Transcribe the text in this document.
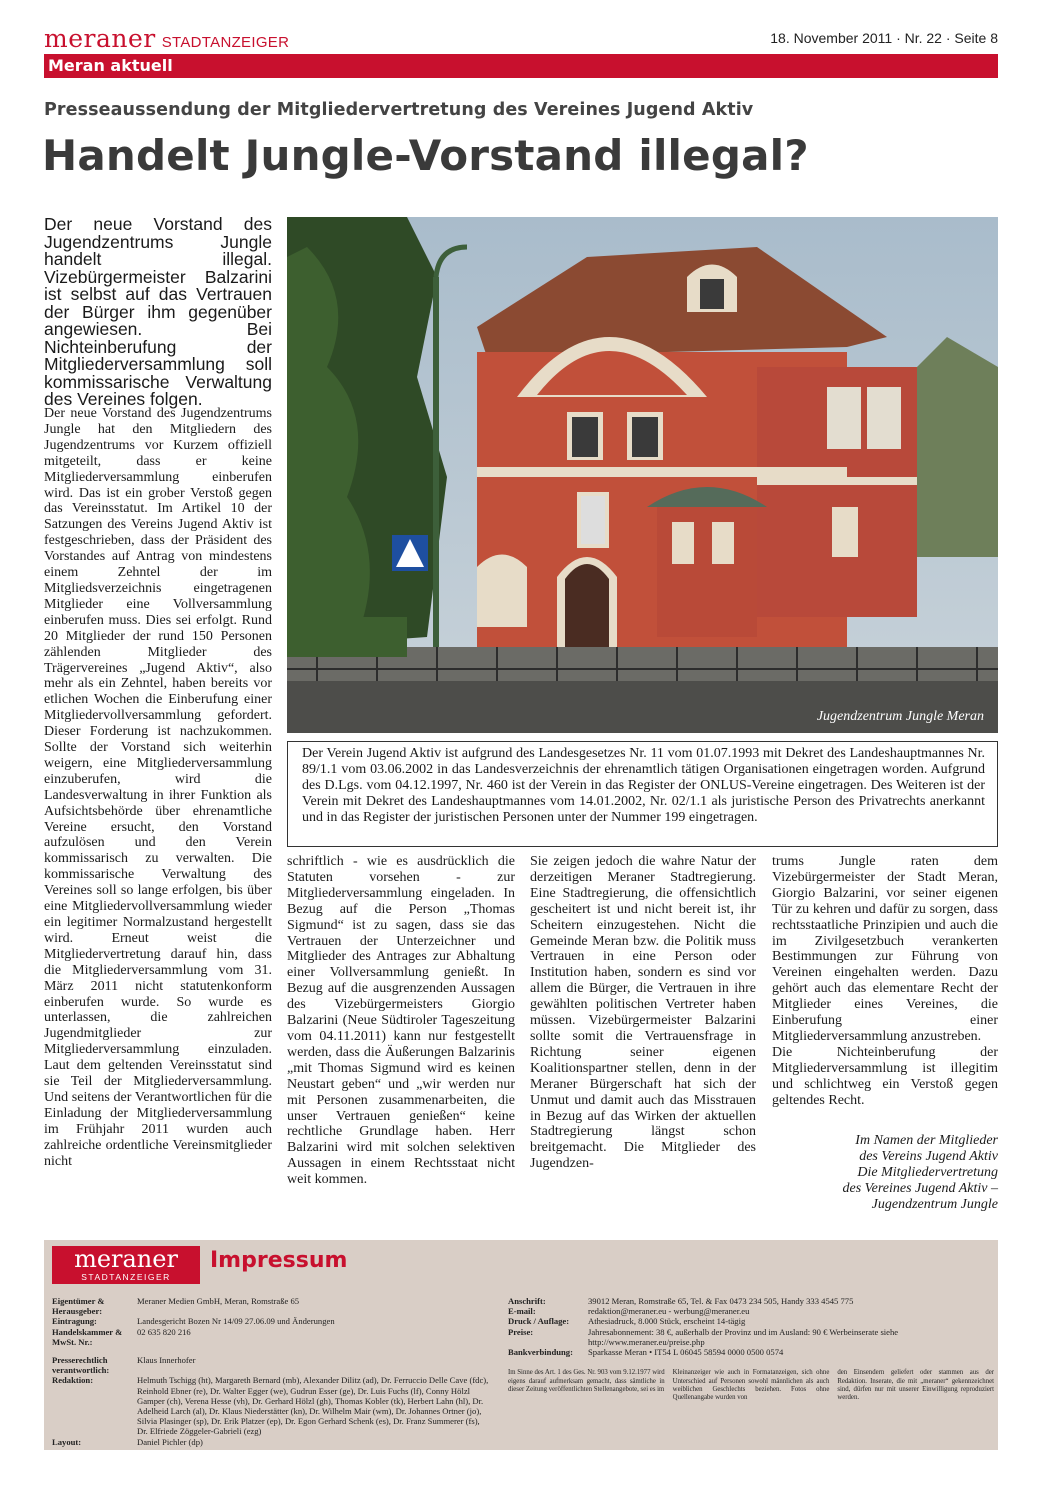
meraner STADTANZEIGER	18. November 2011 · Nr. 22 · Seite 8
Meran aktuell
Presseaussendung der Mitgliedervertretung des Vereines Jugend Aktiv
Handelt Jungle-Vorstand illegal?

Der neue Vorstand des Jugendzentrums Jungle handelt illegal. Vizebürgermeister Balzarini ist selbst auf das Vertrauen der Bürger ihm gegenüber angewiesen. Bei Nichteinberufung der Mitgliederversammlung soll kommissarische Verwaltung des Vereines folgen.

Der neue Vorstand des Jugendzentrums Jungle hat den Mitgliedern des Jugendzentrums vor Kurzem offiziell mitgeteilt, dass er keine Mitgliederversammlung einberufen wird. Das ist ein grober Verstoß gegen das Vereinsstatut. Im Artikel 10 der Satzungen des Vereins Jugend Aktiv ist festgeschrieben, dass der Präsident des Vorstandes auf Antrag von mindestens einem Zehntel der im Mitgliedsverzeichnis eingetragenen Mitglieder eine Vollversammlung einberufen muss. Dies sei erfolgt. Rund 20 Mitglieder der rund 150 Personen zählenden Mitglieder des Trägervereines „Jugend Aktiv“, also mehr als ein Zehntel, haben bereits vor etlichen Wochen die Einberufung einer Mitgliedervollversammlung gefordert. Dieser Forderung ist nachzukommen. Sollte der Vorstand sich weiterhin weigern, eine Mitgliederversammlung einzuberufen, wird die Landesverwaltung in ihrer Funktion als Aufsichtsbehörde über ehrenamtliche Vereine ersucht, den Vorstand aufzulösen und den Verein kommissarisch zu verwalten. Die kommissarische Verwaltung des Vereines soll so lange erfolgen, bis über eine Mitgliedervollversammlung wieder ein legitimer Normalzustand hergestellt wird. Erneut weist die Mitgliedervertretung darauf hin, dass die Mitgliederversammlung vom 31. März 2011 nicht statutenkonform einberufen wurde. So wurde es unterlassen, die zahlreichen Jugendmitglieder zur Mitgliederversammlung einzuladen. Laut dem geltenden Vereinsstatut sind sie Teil der Mitgliederversammlung. Und seitens der Verantwortlichen für die Einladung der Mitgliederversammlung im Frühjahr 2011 wurden auch zahlreiche ordentliche Vereinsmitglieder nicht

Jugendzentrum Jungle Meran
Der Verein Jugend Aktiv ist aufgrund des Landesgesetzes Nr. 11 vom 01.07.1993 mit Dekret des Landeshauptmannes Nr. 89/1.1 vom 03.06.2002 in das Landesverzeichnis der ehrenamtlich tätigen Organisationen eingetragen worden. Aufgrund des D.Lgs. vom 04.12.1997, Nr. 460 ist der Verein in das Register der ONLUS-Vereine eingetragen. Des Weiteren ist der Verein mit Dekret des Landeshauptmannes vom 14.01.2002, Nr. 02/1.1 als juristische Person des Privatrechts anerkannt und in das Register der juristischen Personen unter der Nummer 199 eingetragen.

schriftlich - wie es ausdrücklich die Statuten vorsehen - zur Mitgliederversammlung eingeladen. In Bezug auf die Person „Thomas Sigmund“ ist zu sagen, dass sie das Vertrauen der Unterzeichner und Mitglieder des Antrages zur Abhaltung einer Vollversammlung genießt. In Bezug auf die ausgrenzenden Aussagen des Vizebürgermeisters Giorgio Balzarini (Neue Südtiroler Tageszeitung vom 04.11.2011) kann nur festgestellt werden, dass die Äußerungen Balzarinis „mit Thomas Sigmund wird es keinen Neustart geben“ und „wir werden nur mit Personen zusammenarbeiten, die unser Vertrauen genießen“ keine rechtliche Grundlage haben. Herr Balzarini wird mit solchen selektiven Aussagen in einem Rechtsstaat nicht weit kommen.

Sie zeigen jedoch die wahre Natur der derzeitigen Meraner Stadtregierung. Eine Stadtregierung, die offensichtlich gescheitert ist und nicht bereit ist, ihr Scheitern einzugestehen. Nicht die Gemeinde Meran bzw. die Politik muss Vertrauen in eine Person oder Institution haben, sondern es sind vor allem die Bürger, die Vertrauen in ihre gewählten politischen Vertreter haben müssen. Vizebürgermeister Balzarini sollte somit die Vertrauensfrage in Richtung seiner eigenen Koalitionspartner stellen, denn in der Meraner Bürgerschaft hat sich der Unmut und damit auch das Misstrauen in Bezug auf das Wirken der aktuellen Stadtregierung längst schon breitgemacht. Die Mitglieder des Jugendzen-

trums Jungle raten dem Vizebürgermeister der Stadt Meran, Giorgio Balzarini, vor seiner eigenen Tür zu kehren und dafür zu sorgen, dass rechtsstaatliche Prinzipien und auch die im Zivilgesetzbuch verankerten Bestimmungen zur Führung von Vereinen eingehalten werden. Dazu gehört auch das elementare Recht der Mitglieder eines Vereines, die Einberufung einer Mitgliederversammlung anzustreben.

Die Nichteinberufung der Mitgliederversammlung ist illegitim und schlichtweg ein Verstoß gegen geltendes Recht.

Im Namen der Mitglieder
des Vereins Jugend Aktiv
Die Mitgliedervertretung
des Vereines Jugend Aktiv –
Jugendzentrum Jungle
meraner
STADTANZEIGER
Impressum
Eigentümer & Herausgeber:
Meraner Medien GmbH, Meran, Romstraße 65
Eintragung:	Landesgericht Bozen Nr 14/09 27.06.09 und Änderungen
Handelskammer & MwSt. Nr.:
02 635 820 216
Presserechtlich verantwortlich:
Klaus Innerhofer
Redaktion:	Helmuth Tschigg (ht), Margareth Bernard (mb), Alexander Dilitz (ad), Dr. Ferruccio Delle Cave (fdc), Reinhold Ebner (re), Dr. Walter Egger (we), Gudrun Esser (ge), Dr. Luis Fuchs (lf), Conny Hölzl Gamper (ch), Verena Hesse (vh), Dr. Gerhard Hölzl (gh), Thomas Kobler (tk), Herbert Lahn (hl), Dr. Adelheid Larch (al), Dr. Klaus Niederstätter (kn), Dr. Wilhelm Mair (wm), Dr. Johannes Ortner (jo), Silvia Plasinger (sp), Dr. Erik Platzer (ep), Dr. Egon Gerhard Schenk (es), Dr. Franz Summerer (fs), Dr. Elfriede Zöggeler-Gabrieli (ezg)
Layout:	Daniel Pichler (dp)
Anschrift:	39012 Meran, Romstraße 65, Tel. & Fax 0473 234 505, Handy 333 4545 775
E-mail:	redaktion@meraner.eu - werbung@meraner.eu
Druck / Auflage:	Athesiadruck, 8.000 Stück, erscheint 14-tägig
Preise:	Jahresabonnement: 38 €, außerhalb der Provinz und im Ausland: 90 € Werbeinserate siehe http://www.meraner.eu/preise.php
Bankverbindung:	Sparkasse Meran • IT54 L 06045 58594 0000 0500 0574
Im Sinne des Art. 1 des Ges. Nr. 903 vom 9.12.1977 wird eigens darauf aufmerksam gemacht, dass sämtliche in dieser Zeitung veröffentlichten Stellenangebote, sei es im
Kleinanzeiger wie auch in Formatanzeigen, sich ohne Unterschied auf Personen sowohl männlichen als auch weiblichen Geschlechts beziehen. Fotos ohne Quellenangabe wurden von
den Einsendern geliefert oder stammen aus der Redaktion. Inserate, die mit „meraner“ gekennzeichnet sind, dürfen nur mit unserer Einwilligung reproduziert werden.
